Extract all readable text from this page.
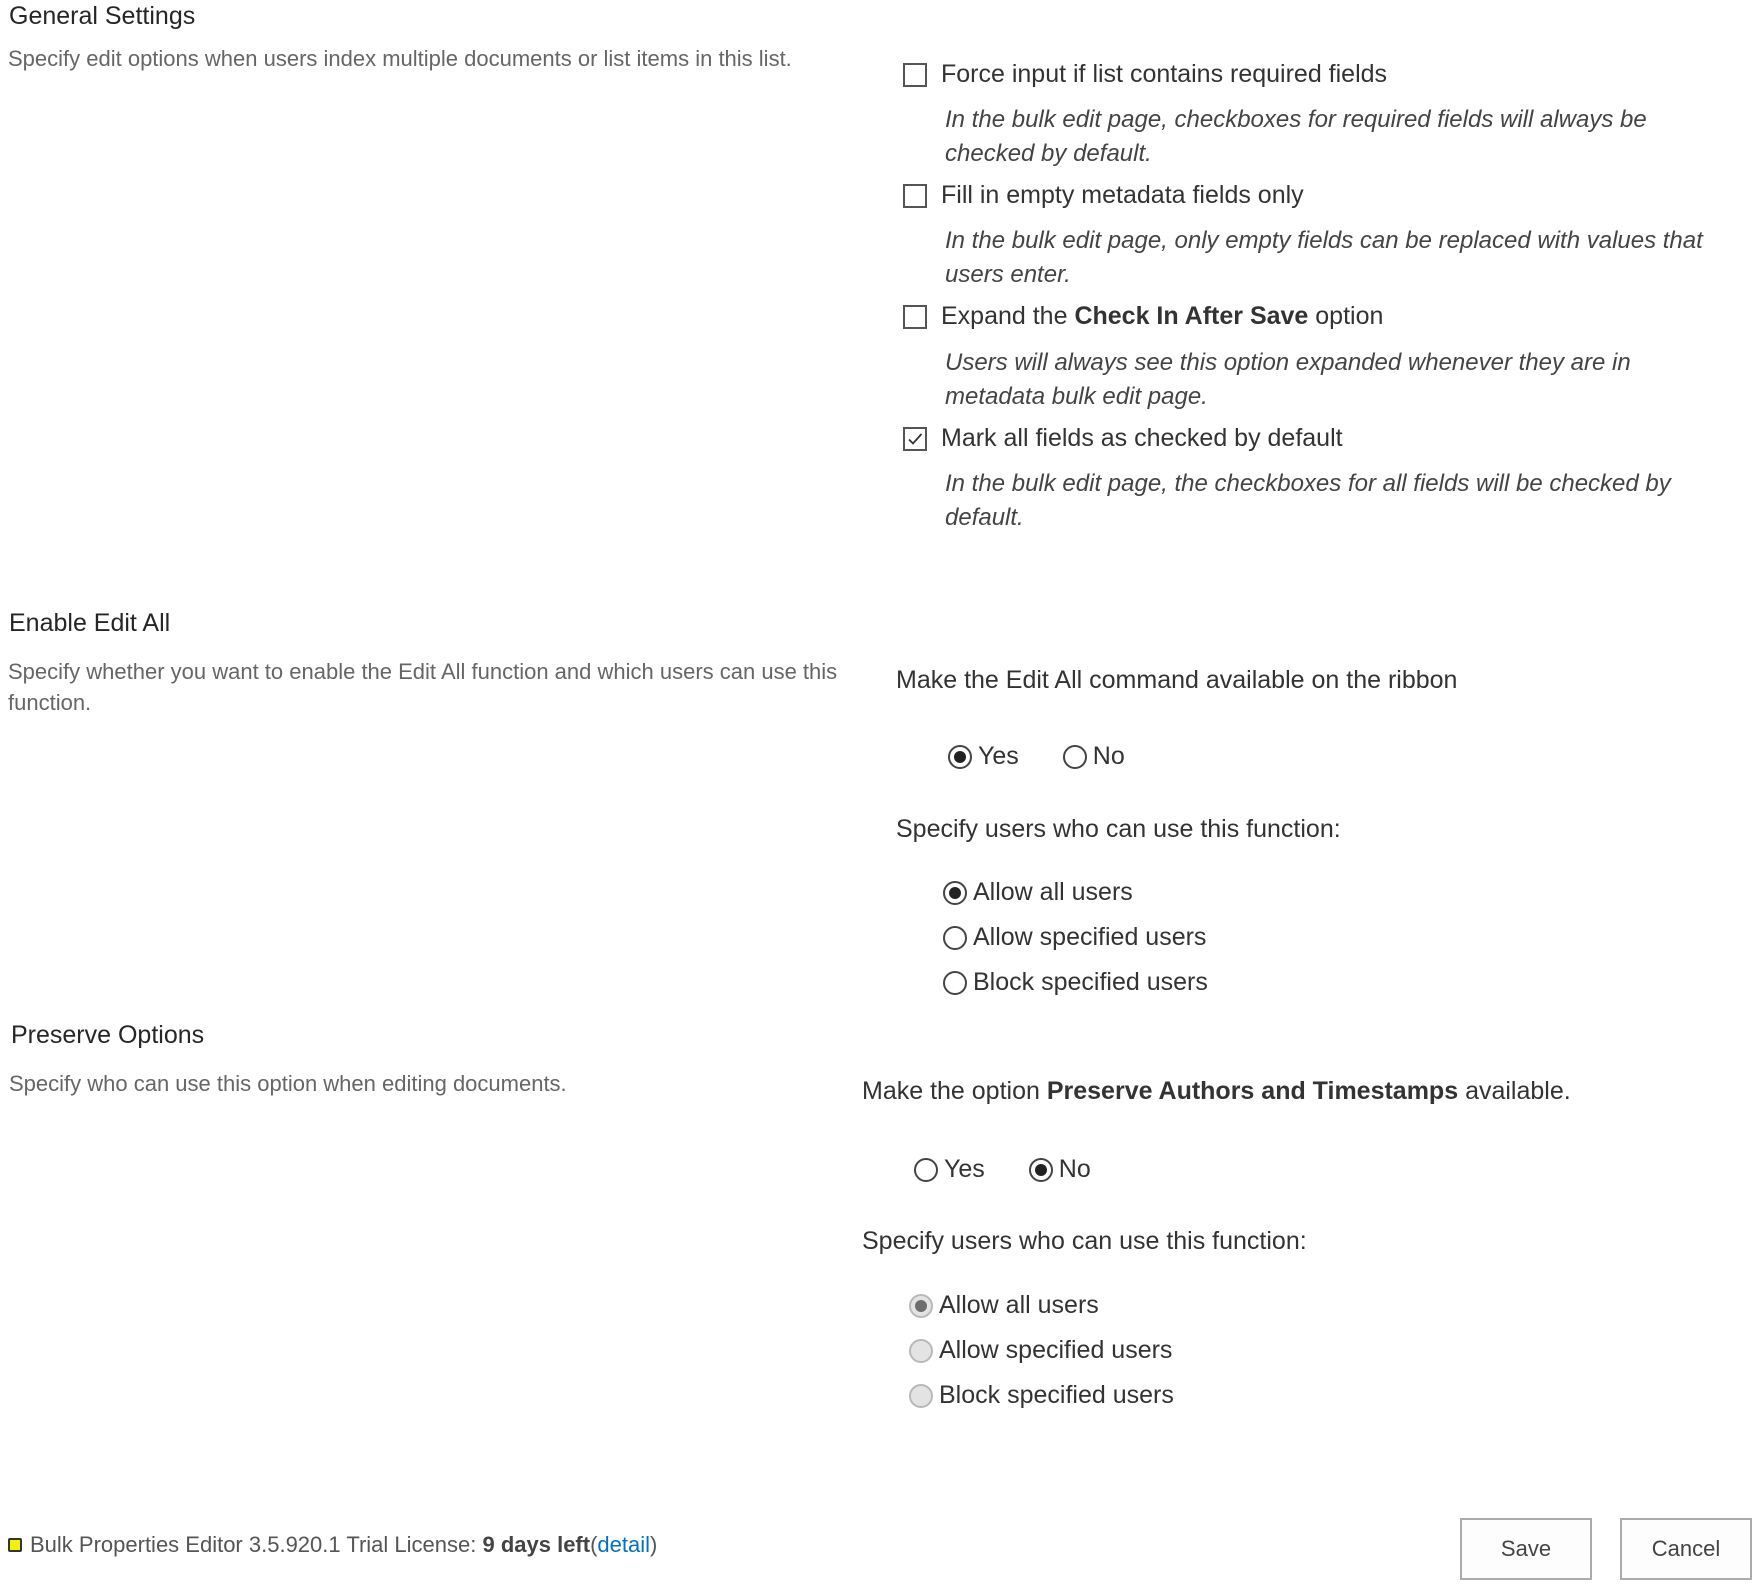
General Settings
Specify edit options when users index multiple documents or list items in this list.
Force input if list contains required fields
In the bulk edit page, checkboxes for required fields will always be checked by default.
Fill in empty metadata fields only
In the bulk edit page, only empty fields can be replaced with values that users enter.
Expand the Check In After Save option
Users will always see this option expanded whenever they are in metadata bulk edit page.
Mark all fields as checked by default
In the bulk edit page, the checkboxes for all fields will be checked by default.
Enable Edit All
Specify whether you want to enable the Edit All function and which users can use this function.
Make the Edit All command available on the ribbon
Yes	No
Specify users who can use this function:
Allow all users
Allow specified users
Block specified users
Preserve Options
Specify who can use this option when editing documents.	Make the option Preserve Authors and Timestamps available.
Yes	No
Specify users who can use this function:
Allow all users
Allow specified users
Block specified users
Bulk Properties Editor 3.5.920.1 Trial License:
9 days left ( detail )	Save	Cancel
